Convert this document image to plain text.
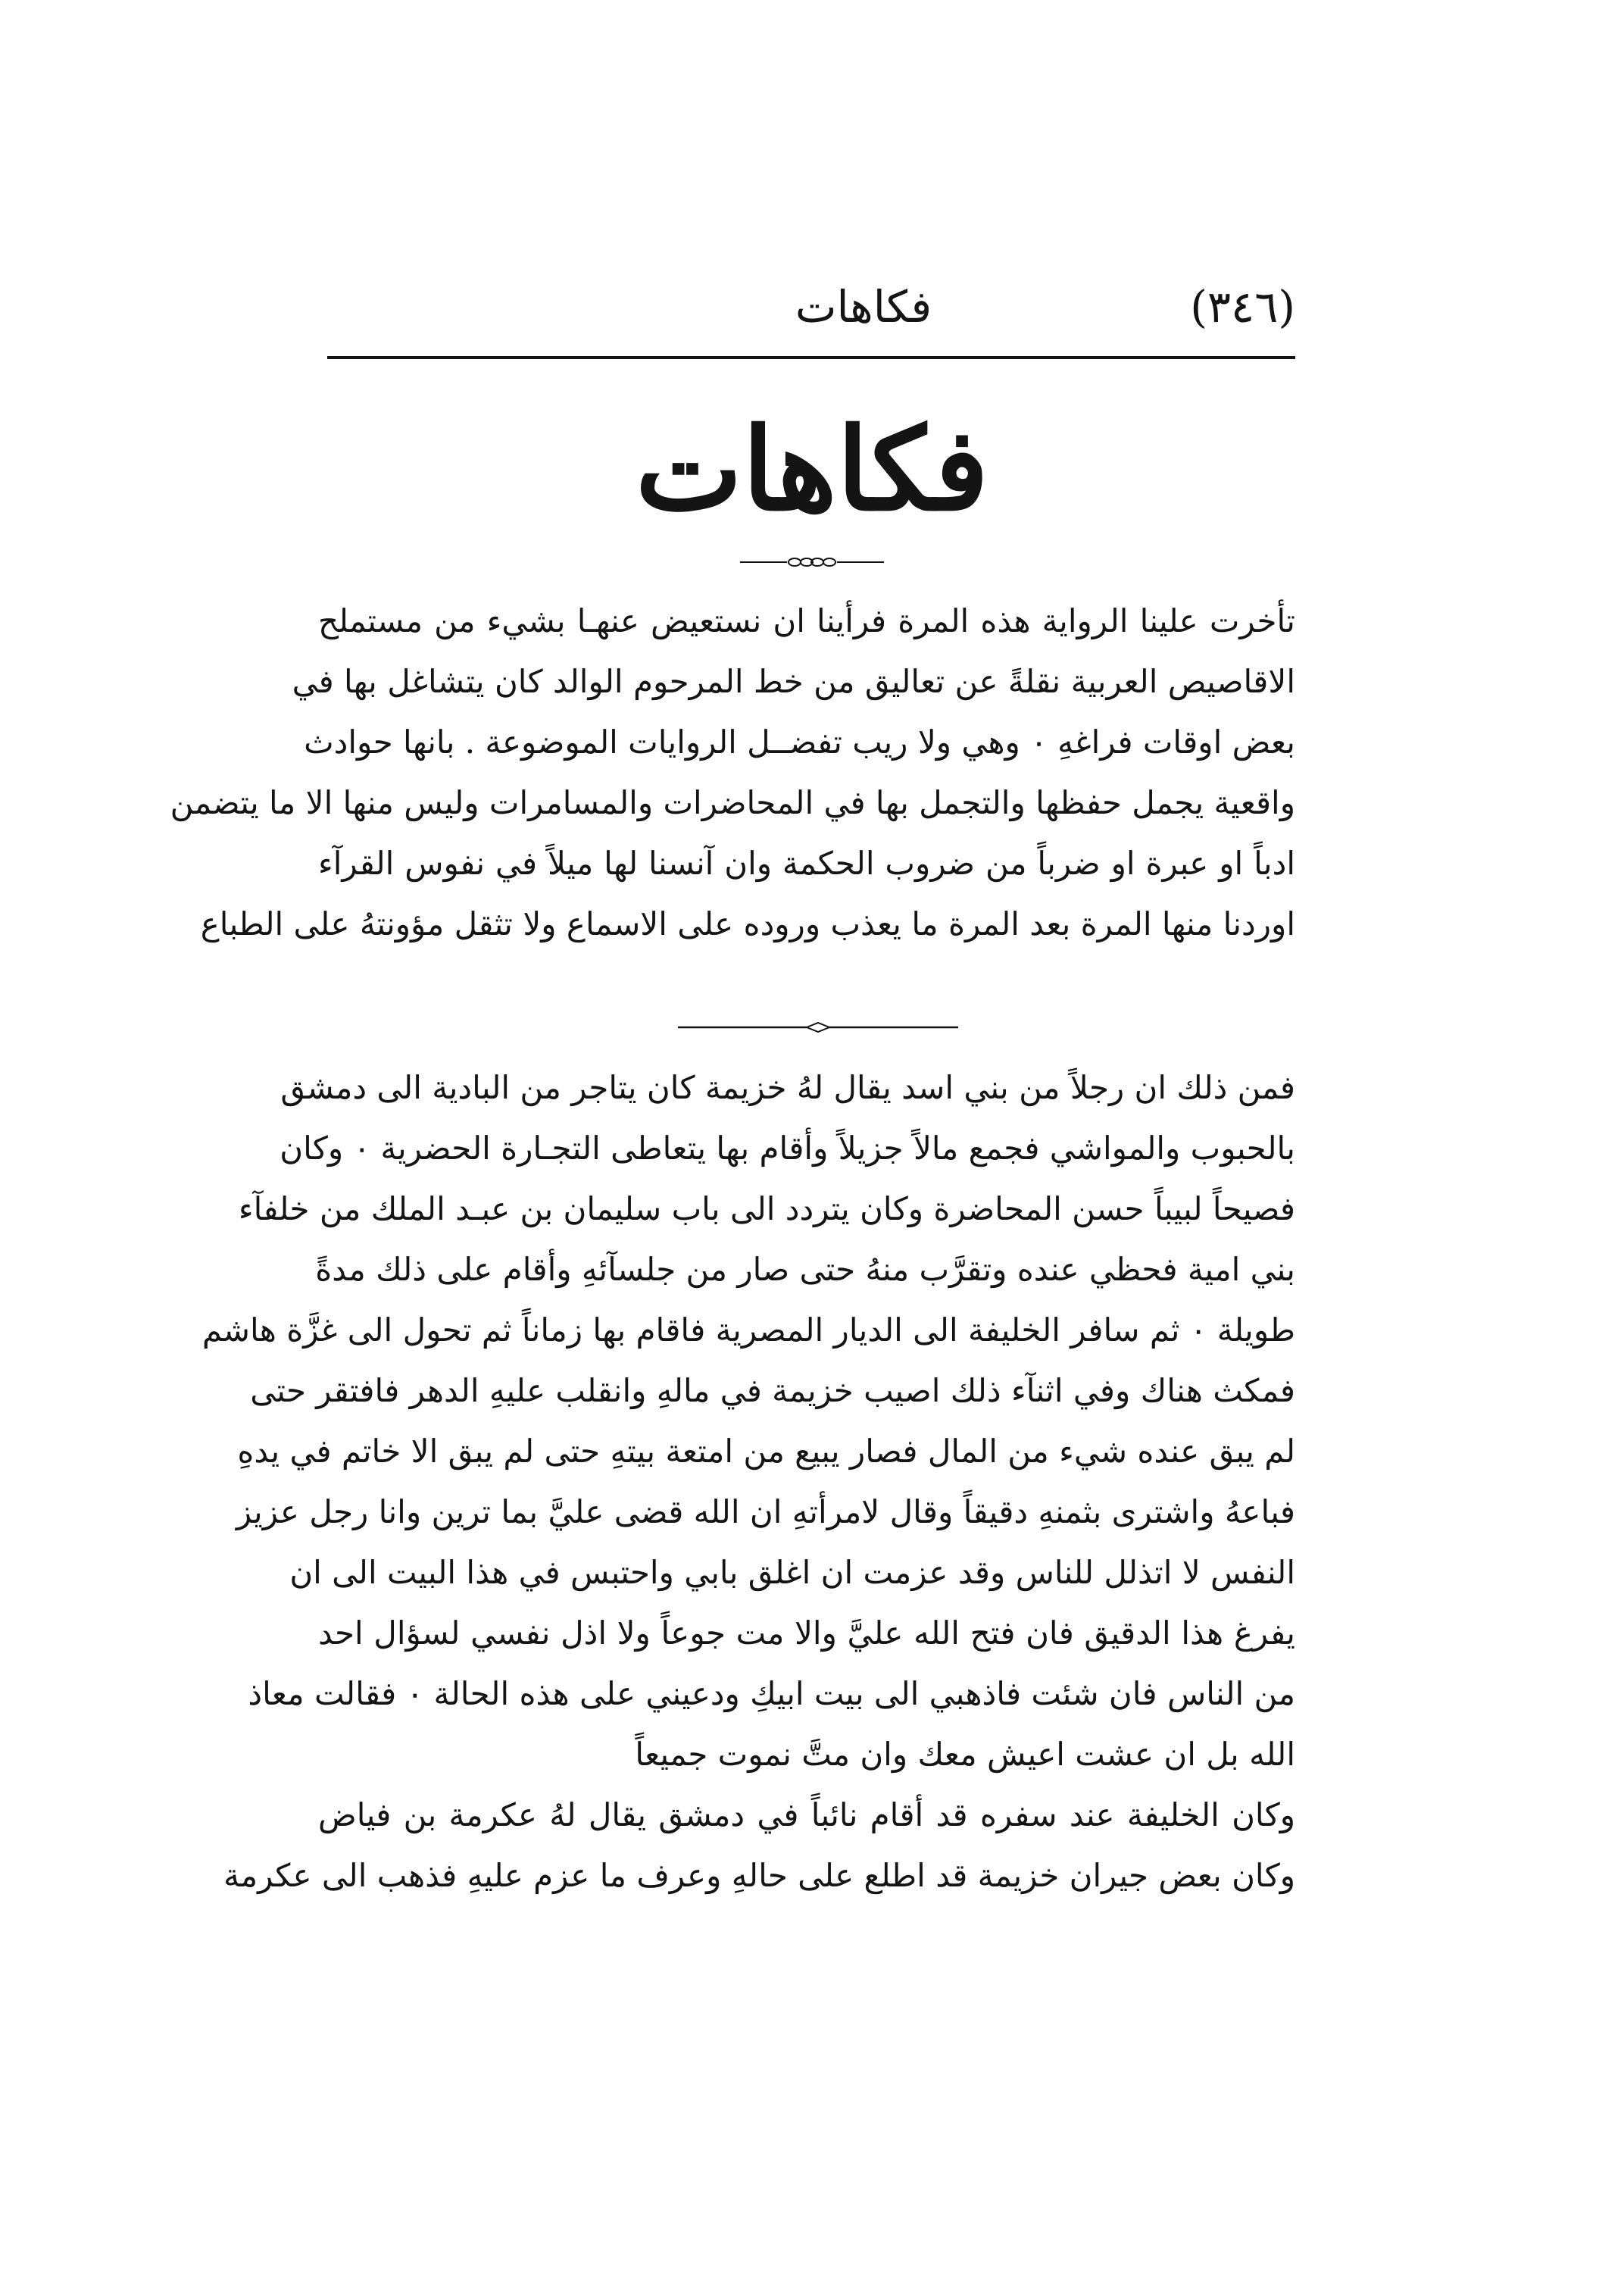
(٣٤٦)
فكاهات
فكاهات
تأخرت علينا الرواية هذه المرة فرأينا ان نستعيض عنهـا بشيء من مستملح
الاقاصيص العربية نقلةً عن تعاليق من خط المرحوم الوالد كان يتشاغل بها في
بعض اوقات فراغهِ ٠ وهي ولا ريب تفضــل الروايات الموضوعة . بانها حوادث
واقعية يجمل حفظها والتجمل بها في المحاضرات والمسامرات وليس منها الا ما يتضمن
ادباً او عبرة او ضرباً من ضروب الحكمة وان آنسنا لها ميلاً في نفوس القرآء
اوردنا منها المرة بعد المرة ما يعذب وروده على الاسماع ولا تثقل مؤونتهُ على الطباع
فمن ذلك ان رجلاً من بني اسد يقال لهُ خزيمة كان يتاجر من البادية الى دمشق
بالحبوب والمواشي فجمع مالاً جزيلاً وأقام بها يتعاطى التجـارة الحضرية ٠ وكان
فصيحاً لبيباً حسن المحاضرة وكان يتردد الى باب سليمان بن عبـد الملك من خلفآء
بني امية فحظي عنده وتقرَّب منهُ حتى صار من جلسآئهِ وأقام على ذلك مدةً
طويلة ٠ ثم سافر الخليفة الى الديار المصرية فاقام بها زماناً ثم تحول الى غزَّة هاشم
فمكث هناك وفي اثنآء ذلك اصيب خزيمة في مالهِ وانقلب عليهِ الدهر فافتقر حتى
لم يبق عنده شيء من المال فصار يبيع من امتعة بيتهِ حتى لم يبق الا خاتم في يدهِ
فباعهُ واشترى بثمنهِ دقيقاً وقال لامرأتهِ ان الله قضى عليَّ بما ترين وانا رجل عزيز
النفس لا اتذلل للناس وقد عزمت ان اغلق بابي واحتبس في هذا البيت الى ان
يفرغ هذا الدقيق فان فتح الله عليَّ والا مت جوعاً ولا اذل نفسي لسؤال احد
من الناس فان شئت فاذهبي الى بيت ابيكِ ودعيني على هذه الحالة ٠ فقالت معاذ
الله بل ان عشت اعيش معك وان متَّ نموت جميعاً
وكان الخليفة عند سفره قد أقام نائباً في دمشق يقال لهُ عكرمة بن فياض
وكان بعض جيران خزيمة قد اطلع على حالهِ وعرف ما عزم عليهِ فذهب الى عكرمة
